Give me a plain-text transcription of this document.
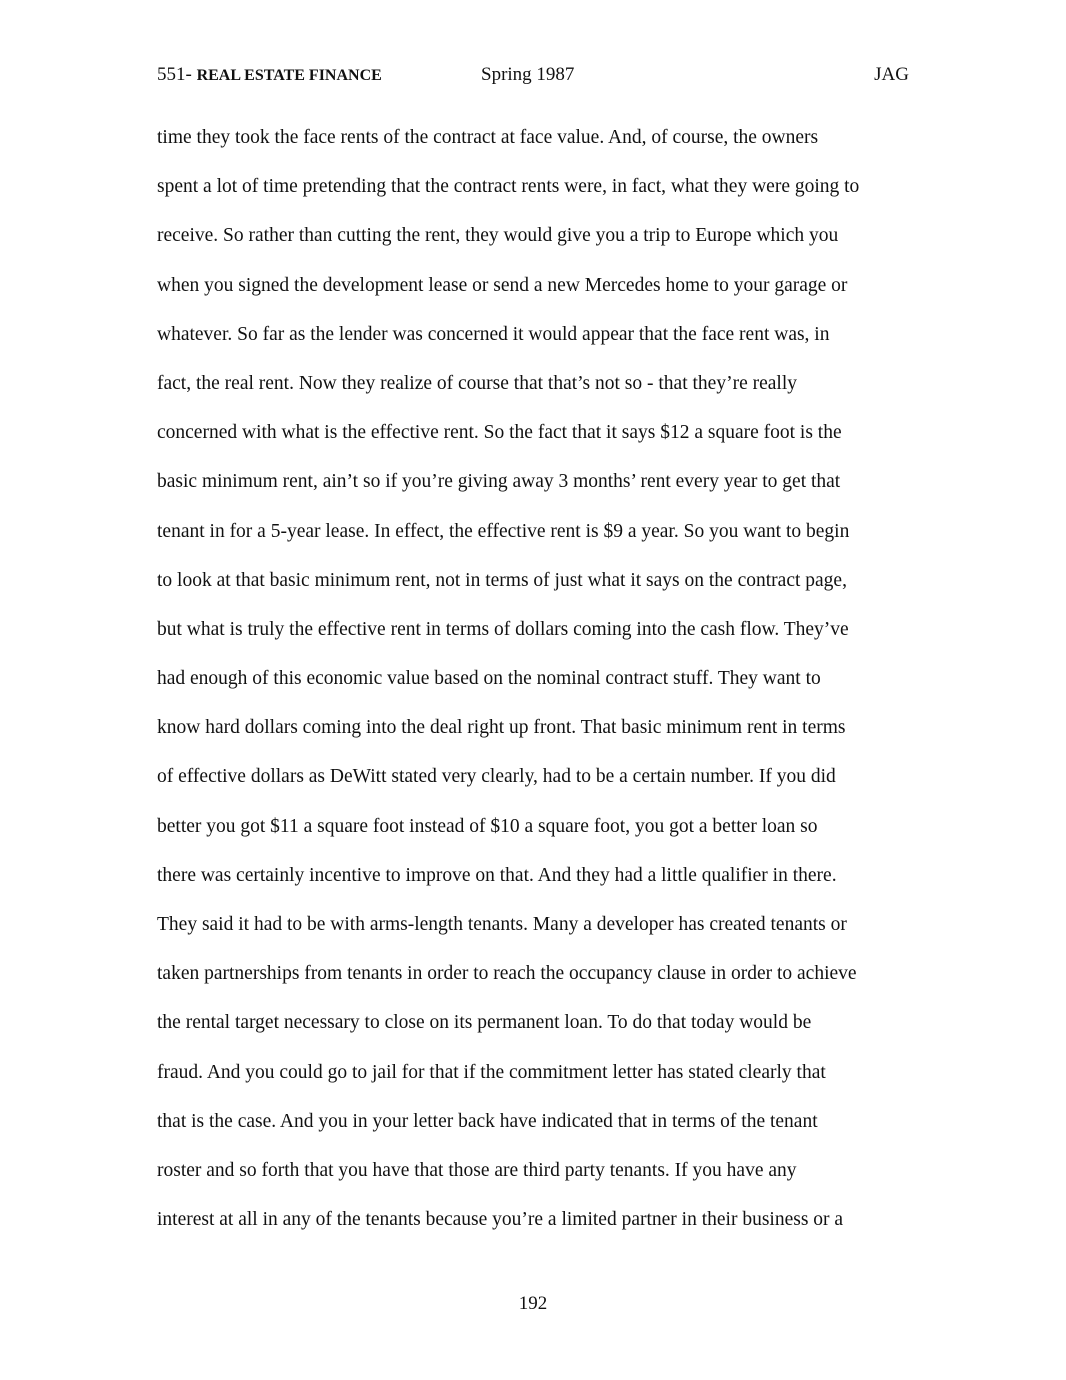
551- REAL ESTATE FINANCE	Spring 1987	JAG
time they took the face rents of the contract at face value. And, of course, the owners
spent a lot of time pretending that the contract rents were, in fact, what they were going to
receive. So rather than cutting the rent, they would give you a trip to Europe which you
when you signed the development lease or send a new Mercedes home to your garage or
whatever. So far as the lender was concerned it would appear that the face rent was, in
fact, the real rent. Now they realize of course that that’s not so - that they’re really
concerned with what is the effective rent. So the fact that it says $12 a square foot is the
basic minimum rent, ain’t so if you’re giving away 3 months’ rent every year to get that
tenant in for a 5-year lease. In effect, the effective rent is $9 a year. So you want to begin
to look at that basic minimum rent, not in terms of just what it says on the contract page,
but what is truly the effective rent in terms of dollars coming into the cash flow. They’ve
had enough of this economic value based on the nominal contract stuff. They want to
know hard dollars coming into the deal right up front. That basic minimum rent in terms
of effective dollars as DeWitt stated very clearly, had to be a certain number. If you did
better you got $11 a square foot instead of $10 a square foot, you got a better loan so
there was certainly incentive to improve on that. And they had a little qualifier in there.
They said it had to be with arms-length tenants. Many a developer has created tenants or
taken partnerships from tenants in order to reach the occupancy clause in order to achieve
the rental target necessary to close on its permanent loan. To do that today would be
fraud. And you could go to jail for that if the commitment letter has stated clearly that
that is the case. And you in your letter back have indicated that in terms of the tenant
roster and so forth that you have that those are third party tenants. If you have any
interest at all in any of the tenants because you’re a limited partner in their business or a
192
